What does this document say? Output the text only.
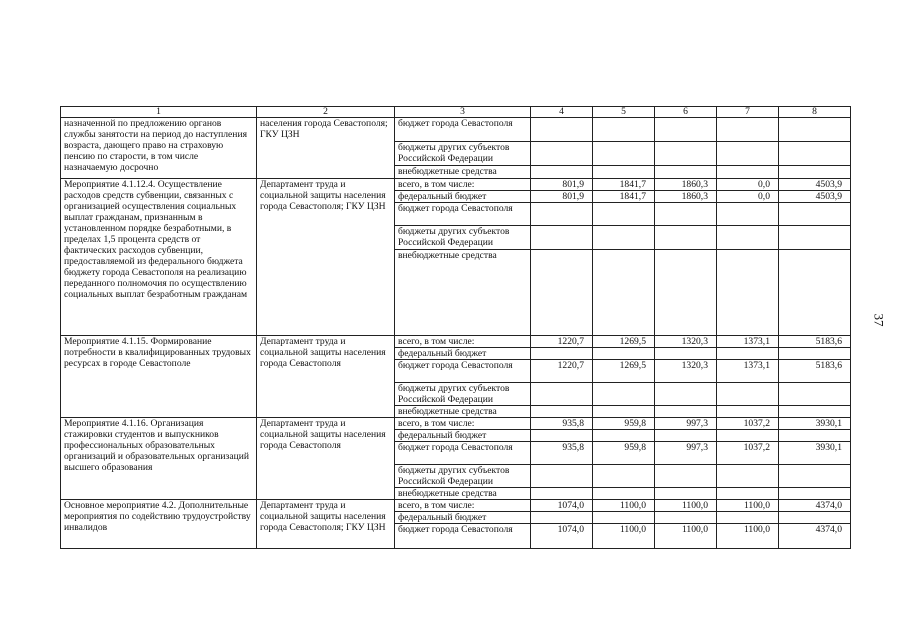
1	2	3	4	5	6	7	8
назначенной по предложению органов службы занятости на период до наступления возраста, дающего право на страховую пенсию по старости, в том числе назначаемую досрочно	населения города Севастополя; ГКУ ЦЗН	бюджет города Севастополя					
		бюджеты других субъектов Российской Федерации					
		внебюджетные средства					
Мероприятие 4.1.12.4. Осуществление расходов средств субвенции, связанных с организацией осуществления социальных выплат гражданам, признанным в установленном порядке безработными, в пределах 1,5 процента средств от фактических расходов субвенции, предоставляемой из федерального бюджета бюджету города Севастополя на реализацию переданного полномочия по осуществлению социальных выплат безработным гражданам	Департамент труда и социальной защиты населения города Севастополя; ГКУ ЦЗН	всего, в том числе:	801,9	1841,7	1860,3	0,0	4503,9
		федеральный бюджет	801,9	1841,7	1860,3	0,0	4503,9
		бюджет города Севастополя					
		бюджеты других субъектов Российской Федерации					
		внебюджетные средства					
Мероприятие 4.1.15. Формирование потребности в квалифицированных трудовых ресурсах в городе Севастополе	Департамент труда и социальной защиты населения города Севастополя	всего, в том числе:	1220,7	1269,5	1320,3	1373,1	5183,6
		федеральный бюджет					
		бюджет города Севастополя	1220,7	1269,5	1320,3	1373,1	5183,6
		бюджеты других субъектов Российской Федерации					
		внебюджетные средства					
Мероприятие 4.1.16. Организация стажировки студентов и выпускников профессиональных образовательных организаций и образовательных организаций высшего образования	Департамент труда и социальной защиты населения города Севастополя	всего, в том числе:	935,8	959,8	997,3	1037,2	3930,1
		федеральный бюджет					
		бюджет города Севастополя	935,8	959,8	997,3	1037,2	3930,1
		бюджеты других субъектов Российской Федерации					
		внебюджетные средства					
Основное мероприятие 4.2. Дополнительные мероприятия по содействию трудоустройству инвалидов	Департамент труда и социальной защиты населения города Севастополя; ГКУ ЦЗН	всего, в том числе:	1074,0	1100,0	1100,0	1100,0	4374,0
		федеральный бюджет					
		бюджет города Севастополя	1074,0	1100,0	1100,0	1100,0	4374,0
37
